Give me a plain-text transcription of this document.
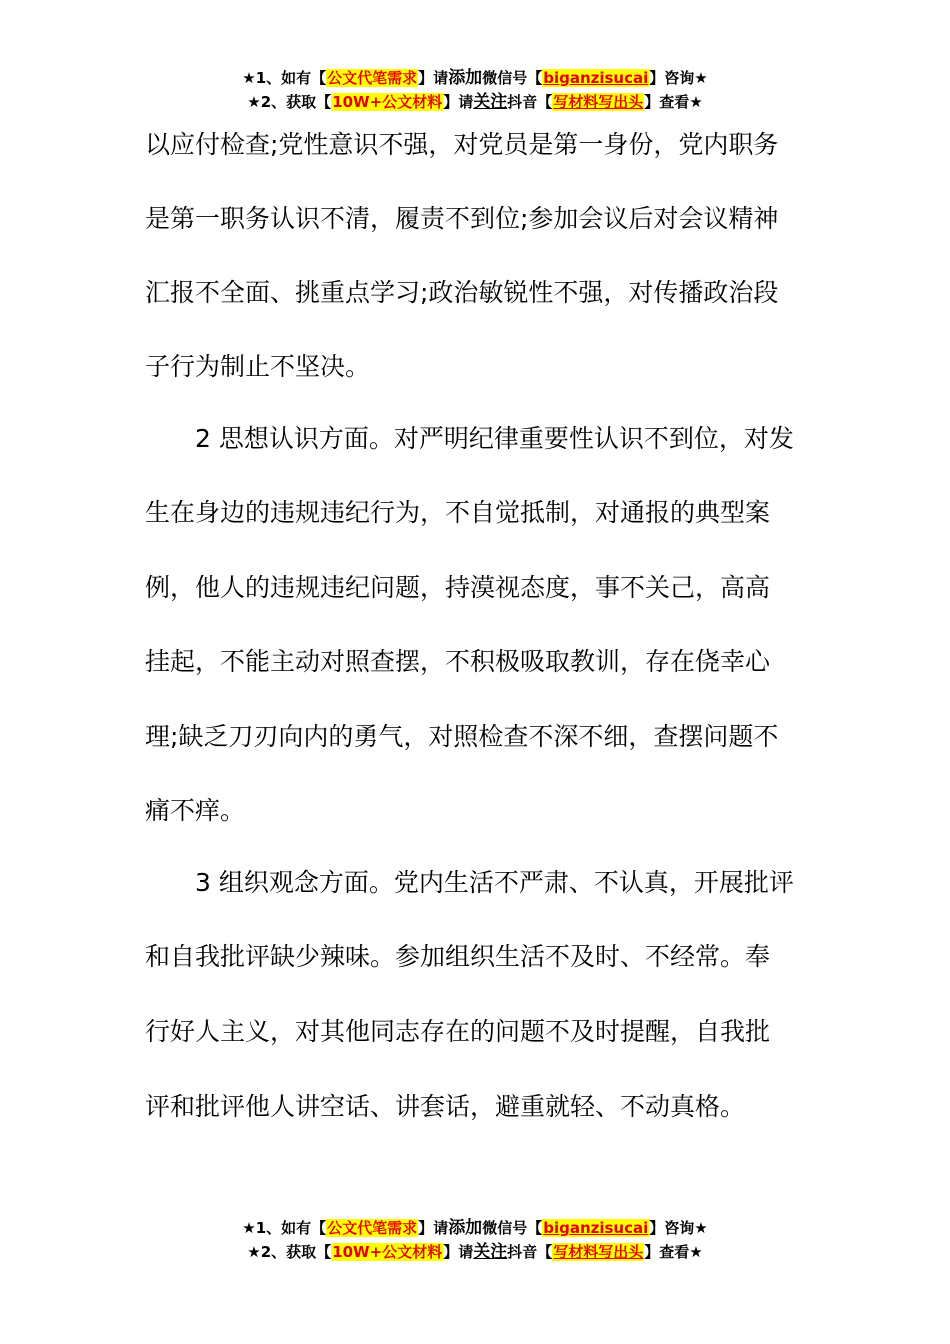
★1、如有【公文代笔需求】请添加微信号【biganzisucai】咨询★
★2、获取【10W+公文材料】请关注抖音【写材料写出头】查看★
以应付检查;党性意识不强，对党员是第一身份，党内职务
是第一职务认识不清，履责不到位;参加会议后对会议精神
汇报不全面、挑重点学习;政治敏锐性不强，对传播政治段
子行为制止不坚决。
2 思想认识方面。对严明纪律重要性认识不到位，对发
生在身边的违规违纪行为，不自觉抵制，对通报的典型案
例，他人的违规违纪问题，持漠视态度，事不关己，高高
挂起，不能主动对照查摆，不积极吸取教训，存在侥幸心
理;缺乏刀刃向内的勇气，对照检查不深不细，查摆问题不
痛不痒。
3 组织观念方面。党内生活不严肃、不认真，开展批评
和自我批评缺少辣味。参加组织生活不及时、不经常。奉
行好人主义，对其他同志存在的问题不及时提醒，自我批
评和批评他人讲空话、讲套话，避重就轻、不动真格。
★1、如有【公文代笔需求】请添加微信号【biganzisucai】咨询★
★2、获取【10W+公文材料】请关注抖音【写材料写出头】查看★
